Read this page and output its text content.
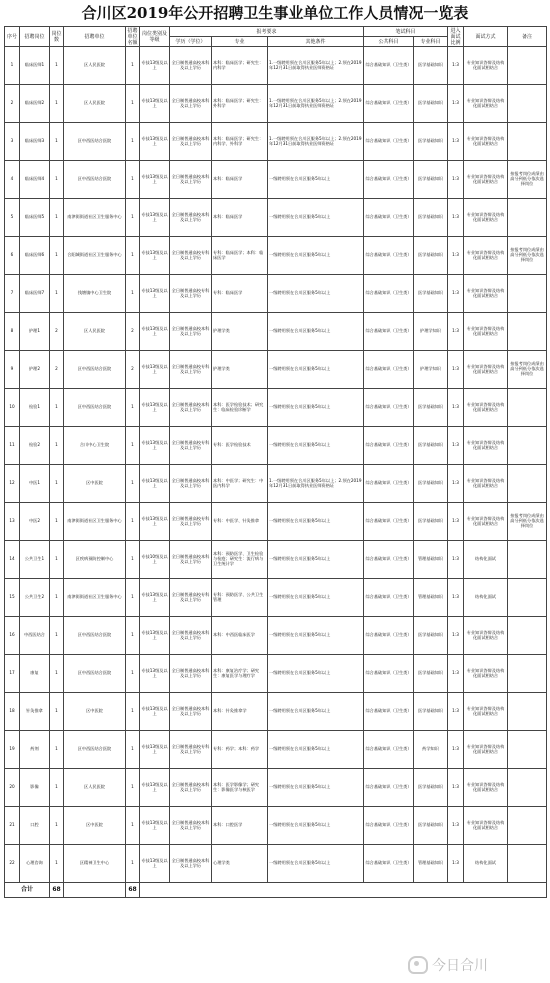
合川区2019年公开招聘卫生事业单位工作人员情况一览表
序号	招聘岗位	岗位数	招聘单位	招聘单位名额	岗位类别及等级	报考要求			笔试科目		进入面试比例	面试方式	备注
						学历（学位）	专业	其他条件	公共科目	专业科目			
1	临床医师1	1	区人民医院	1	专技13级及以上	全日制普通高校本科及以上学历	本科：临床医学；研究生：内科学	1.一级聘用须在合川区服务5年以上；2.须在2019年12月31日前取得执业医师资格证	综合基础知识（卫生类）	医学基础知识	1:3	专业知识答辩及结构化面试相结合	
2	临床医师2	1	区人民医院	1	专技13级及以上	全日制普通高校本科及以上学历	本科：临床医学；研究生：外科学	1.一级聘用须在合川区服务5年以上；2.须在2019年12月31日前取得执业医师资格证	综合基础知识（卫生类）	医学基础知识	1:3	专业知识答辩及结构化面试相结合	
3	临床医师3	1	区中西医结合医院	1	专技13级及以上	全日制普通高校本科及以上学历	本科：临床医学；研究生：内科学、外科学	1.一级聘用须在合川区服务5年以上；2.须在2019年12月31日前取得执业医师资格证	综合基础知识（卫生类）	医学基础知识	1:3	专业知识答辩及结构化面试相结合	
4	临床医师4	1	区中西医结合医院	1	专技13级及以上	全日制普通高校本科及以上学历	本科：临床医学	一级聘用须在合川区服务5年以上	综合基础知识（卫生类）	医学基础知识	1:3	专业知识答辩及结构化面试相结合	按报考岗位成绩由高分到低分依次选择岗位
5	临床医师5	1	南津街街道社区卫生服务中心	1	专技13级及以上	全日制普通高校本科及以上学历	本科：临床医学	一级聘用须在合川区服务5年以上	综合基础知识（卫生类）	医学基础知识	1:3	专业知识答辩及结构化面试相结合	
6	临床医师6	1	合阳城街道社区卫生服务中心	1	专技13级及以上	全日制普通高校专科及以上学历	专科：临床医学；本科：临床医学	一级聘用须在合川区服务5年以上	综合基础知识（卫生类）	医学基础知识	1:3	专业知识答辩及结构化面试相结合	按报考岗位成绩由高分到低分依次选择岗位
7	临床医师7	1	钱塘镇中心卫生院	1	专技13级及以上	全日制普通高校专科及以上学历	专科：临床医学	一级聘用须在合川区服务5年以上	综合基础知识（卫生类）	医学基础知识	1:3	专业知识答辩及结构化面试相结合	
8	护理1	2	区人民医院	2	专技13级及以上	全日制普通高校本科及以上学历	护理学类	一级聘用须在合川区服务5年以上	综合基础知识（卫生类）	护理学知识	1:3	专业知识答辩及结构化面试相结合	
9	护理2	2	区中西医结合医院	2	专技13级及以上	全日制普通高校专科及以上学历	护理学类	一级聘用须在合川区服务5年以上	综合基础知识（卫生类）	护理学知识	1:3	专业知识答辩及结构化面试相结合	按报考岗位成绩由高分到低分依次选择岗位
10	检验1	1	区中西医结合医院	1	专技13级及以上	全日制普通高校本科及以上学历	本科：医学检验技术；研究生：临床检验诊断学	一级聘用须在合川区服务5年以上	综合基础知识（卫生类）	医学基础知识	1:3	专业知识答辩及结构化面试相结合	
11	检验2	1	合川中心卫生院	1	专技13级及以上	全日制普通高校专科及以上学历	专科：医学检验技术	一级聘用须在合川区服务5年以上	综合基础知识（卫生类）	医学基础知识	1:3	专业知识答辩及结构化面试相结合	
12	中医1	1	区中医院	1	专技13级及以上	全日制普通高校本科及以上学历	本科：中医学；研究生：中医内科学	1.一级聘用须在合川区服务5年以上；2.须在2019年12月31日前取得执业医师资格证	综合基础知识（卫生类）	医学基础知识	1:3	专业知识答辩及结构化面试相结合	
13	中医2	1	南津街街道社区卫生服务中心	1	专技13级及以上	全日制普通高校专科及以上学历	专科：中医学、针灸推拿	一级聘用须在合川区服务5年以上	综合基础知识（卫生类）	医学基础知识	1:3	专业知识答辩及结构化面试相结合	按报考岗位成绩由高分到低分依次选择岗位
14	公共卫生1	1	区疾病预防控制中心	1	专技10级及以上	全日制普通高校本科及以上学历	本科：预防医学、卫生检验与检疫；研究生：流行病与卫生统计学	一级聘用须在合川区服务5年以上	综合基础知识（卫生类）	管理基础知识	1:3	结构化面试	
15	公共卫生2	1	南津街街道社区卫生服务中心	1	专技13级及以上	全日制普通高校专科及以上学历	专科：预防医学、公共卫生管理	一级聘用须在合川区服务5年以上	综合基础知识（卫生类）	管理基础知识	1:3	结构化面试	
16	中西医结合	1	区中西医结合医院	1	专技13级及以上	全日制普通高校本科及以上学历	本科：中西医临床医学	一级聘用须在合川区服务5年以上	综合基础知识（卫生类）	医学基础知识	1:3	专业知识答辩及结构化面试相结合	
17	康复	1	区中西医结合医院	1	专技13级及以上	全日制普通高校本科及以上学历	本科：康复治疗学；研究生：康复医学与理疗学	一级聘用须在合川区服务5年以上	综合基础知识（卫生类）	医学基础知识	1:3	专业知识答辩及结构化面试相结合	
18	针灸推拿	1	区中医院	1	专技13级及以上	全日制普通高校本科及以上学历	本科：针灸推拿学	一级聘用须在合川区服务5年以上	综合基础知识（卫生类）	医学基础知识	1:3	专业知识答辩及结构化面试相结合	
19	药剂	1	区中西医结合医院	1	专技13级及以上	全日制普通高校专科及以上学历	专科：药学；本科：药学	一级聘用须在合川区服务5年以上	综合基础知识（卫生类）	药学知识	1:3	专业知识答辩及结构化面试相结合	
20	影像	1	区人民医院	1	专技13级及以上	全日制普通高校本科及以上学历	本科：医学影像学；研究生：影像医学与核医学	一级聘用须在合川区服务5年以上	综合基础知识（卫生类）	医学基础知识	1:3	专业知识答辩及结构化面试相结合	
21	口腔	1	区中医院	1	专技13级及以上	全日制普通高校本科及以上学历	本科：口腔医学	一级聘用须在合川区服务5年以上	综合基础知识（卫生类）	医学基础知识	1:3	专业知识答辩及结构化面试相结合	
22	心理咨询	1	区精神卫生中心	1	专技13级及以上	全日制普通高校本科及以上学历	心理学类	一级聘用须在合川区服务5年以上	综合基础知识（卫生类）	管理基础知识	1:3	结构化面试	
合计		68		68									
今日合川
